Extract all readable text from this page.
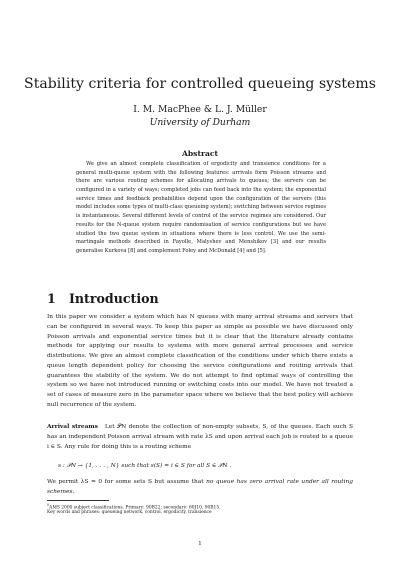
Stability criteria for controlled queueing systems
I. M. MacPhee & L. J. Müller
University of Durham
Abstract

We give an almost complete classification of ergodicity and transience conditions for a general multi-queue system with the following features: arrivals form Poisson streams and there are various routing schemes for allocating arrivals to queues; the servers can be configured in a variety of ways; completed jobs can feed back into the system; the exponential service times and feedback probabilities depend upon the configuration of the servers (this model includes some types of multi-class queueing system); switching between service regimes is instantaneous. Several different levels of control of the service regimes are considered. Our results for the N-queue system require randomisation of service configurations but we have studied the two queue system in situations where there is less control. We use the semi-martingale methods described in Fayolle, Malyshev and Menshikov [3] and our results generalise Kurkova [8] and complement Foley and McDonald [4] and [5].

1 Introduction

In this paper we consider a system which has N queues with many arrival streams and servers that can be configured in several ways. To keep this paper as simple as possible we have discussed only Poisson arrivals and exponential service times but it is clear that the literature already contains methods for applying our results to systems with more general arrival processes and service distributions. We give an almost complete classification of the conditions under which there exists a queue length dependent policy for choosing the service configurations and routing arrivals that guarantees the stability of the system. We do not attempt to find optimal ways of controlling the system so we have not introduced running or switching costs into our model. We have not treated a set of cases of measure zero in the parameter space where we believe that the best policy will achieve null recurrence of the system.

Arrival streams Let 𝒫N denote the collection of non-empty subsets, S, of the queues. Each such S has an independent Poisson arrival stream with rate λS and upon arrival each job is routed to a queue i ∈ S. Any rule for doing this is a routing scheme

s : 𝒫N → {1, . . . , N} such that s(S) = i ∈ S for all S ∈ 𝒫N .

We permit λS = 0 for some sets S but assume that no queue has zero arrival rate under all routing schemes.

$^0$AMS 2000 subject classifications. Primary: 90B22; secondary: 60J10, 90B15.
Key words and phrases: queueing network, control, ergodicity, transience
1
